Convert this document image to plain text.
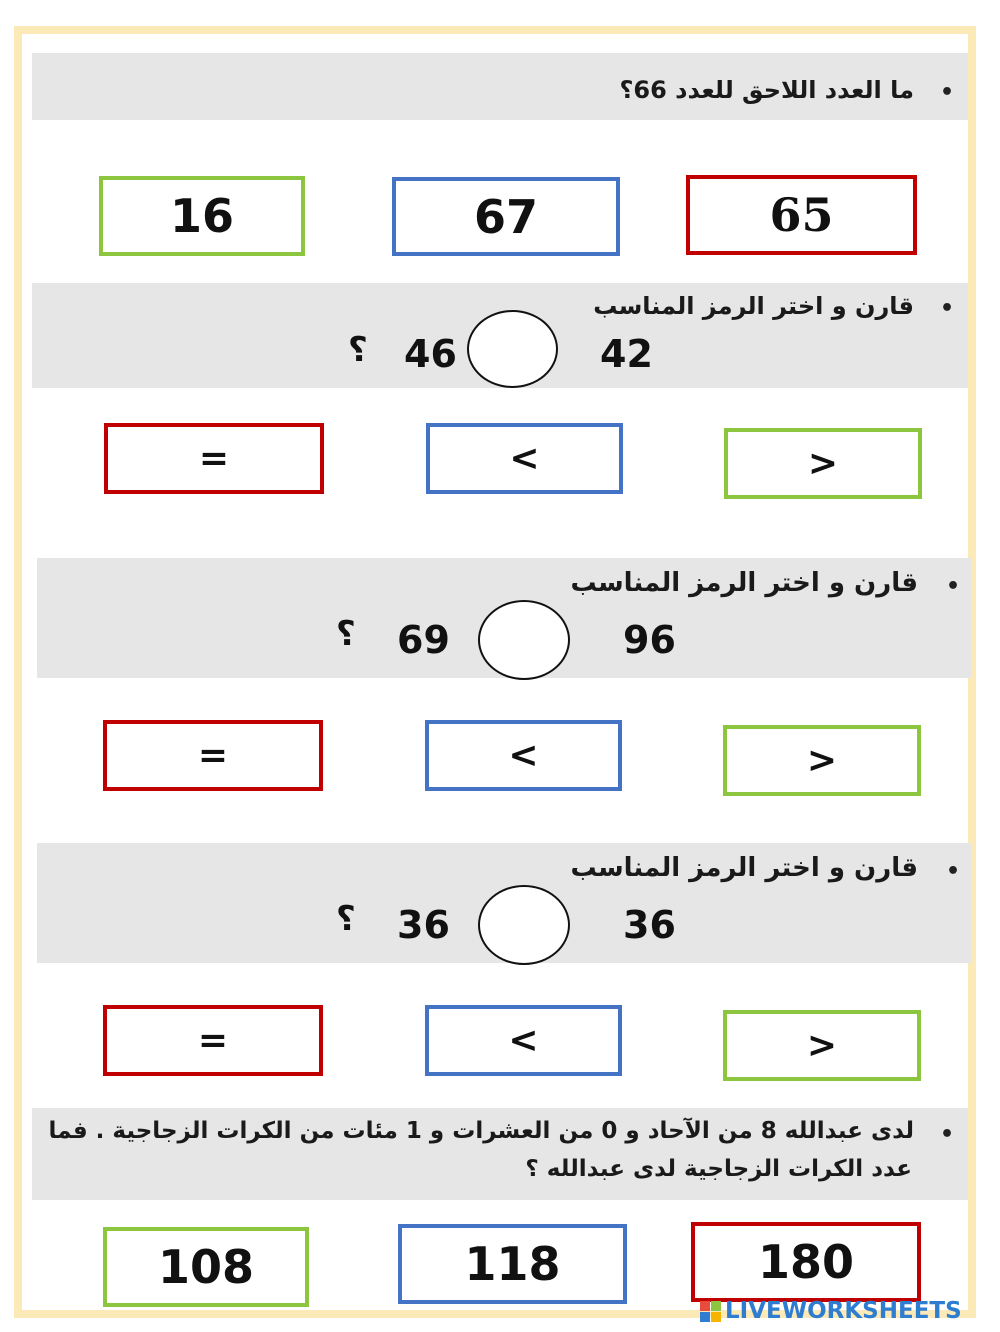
ما العدد اللاحق للعدد 66؟ •
16	67	65
قارن و اختر الرمز المناسب •
؟ 46	42
=	<	>
قارن و اختر الرمز المناسب •
؟ 69	96
=	<	>
قارن و اختر الرمز المناسب •
؟ 36	36
=	<	>
لدى عبدالله 8 من الآحاد و 0 من العشرات و 1 مئات من الكرات الزجاجية . فما
عدد الكرات الزجاجية لدى عبدالله ؟
•
108	118	180
LIVEWORKSHEETS
